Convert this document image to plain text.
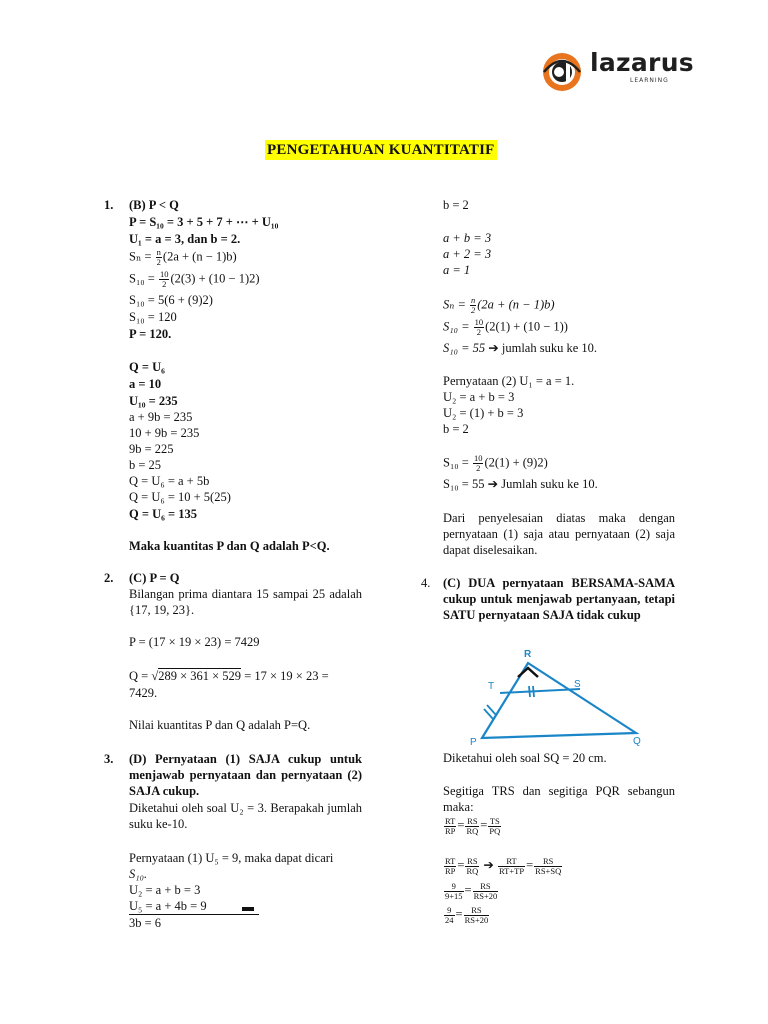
lazarus
LEARNING
PENGETAHUAN KUANTITATIF
1. (B) P < Q
P = S₁₀ = 3 + 5 + 7 + ⋯ + U₁₀
U₁ = a = 3, dan b = 2.
$S_n = \frac{n}{2} (2a + (n - 1)b)$
$S_{10} = \frac{10}{2} (2(3) + (10 - 1)2)$
S₁₀ = 5(6 + (9)2)
S₁₀ = 120
P = 120.
Q = U₆
a = 10
U₁₀ = 235
a + 9b = 235
10 + 9b = 235
9b = 225
b = 25
Q = U₆ = a + 5b
Q = U₆ = 10 + 5(25)
Q = U₆ = 135
Maka kuantitas P dan Q adalah P<Q.
2. (C) P = Q
Bilangan prima diantara 15 sampai 25 adalah {17, 19, 23}.
P = (17 × 19 × 23) = 7429
Q = √289 × 361 × 529 = 17 × 19 × 23 =
7429.
Nilai kuantitas P dan Q adalah P=Q.
3. (D) Pernyataan (1) SAJA cukup untuk menjawab pernyataan dan pernyataan (2) SAJA cukup.
Diketahui oleh soal U₂ = 3. Berapakah jumlah suku ke-10.
Pernyataan (1) U₅ = 9, maka dapat dicari
S₁₀.
U₂ = a + b = 3
U₅ = a + 4b = 9
3b = 6
b = 2
a + b = 3
a + 2 = 3
a = 1
$S_n = \frac{n}{2} (2a + (n - 1)b)$
$S_{10} = \frac{10}{2} (2(1) + (10 - 1))$
S₁₀ = 55 ➔ jumlah suku ke 10.
Pernyataan (2) U₁ = a = 1.
U₂ = a + b = 3
U₂ = (1) + b = 3
b = 2
$S_{10} = \frac{10}{2} (2(1) + (9)2)$
S₁₀ = 55 ➔ Jumlah suku ke 10.
Dari penyelesaian diatas maka dengan pernyataan (1) saja atau pernyataan (2) saja dapat diselesaikan.
4. (C) DUA pernyataan BERSAMA-SAMA cukup untuk menjawab pertanyaan, tetapi SATU pernyataan SAJA tidak cukup
R
T	S
P	Q
Diketahui oleh soal SQ = 20 cm.
Segitiga TRS dan segitiga PQR sebangun maka:
$\frac{RT}{RP} = \frac{RS}{RQ} = \frac{TS}{PQ}$
$\frac{RT}{RP} = \frac{RS}{RQ}$ ➔ $\frac{RT}{RT+TP} = \frac{RS}{RS+SQ}$
$\frac{9}{9+15} = \frac{RS}{RS+20}$
$\frac{9}{24} = \frac{RS}{RS+20}$
